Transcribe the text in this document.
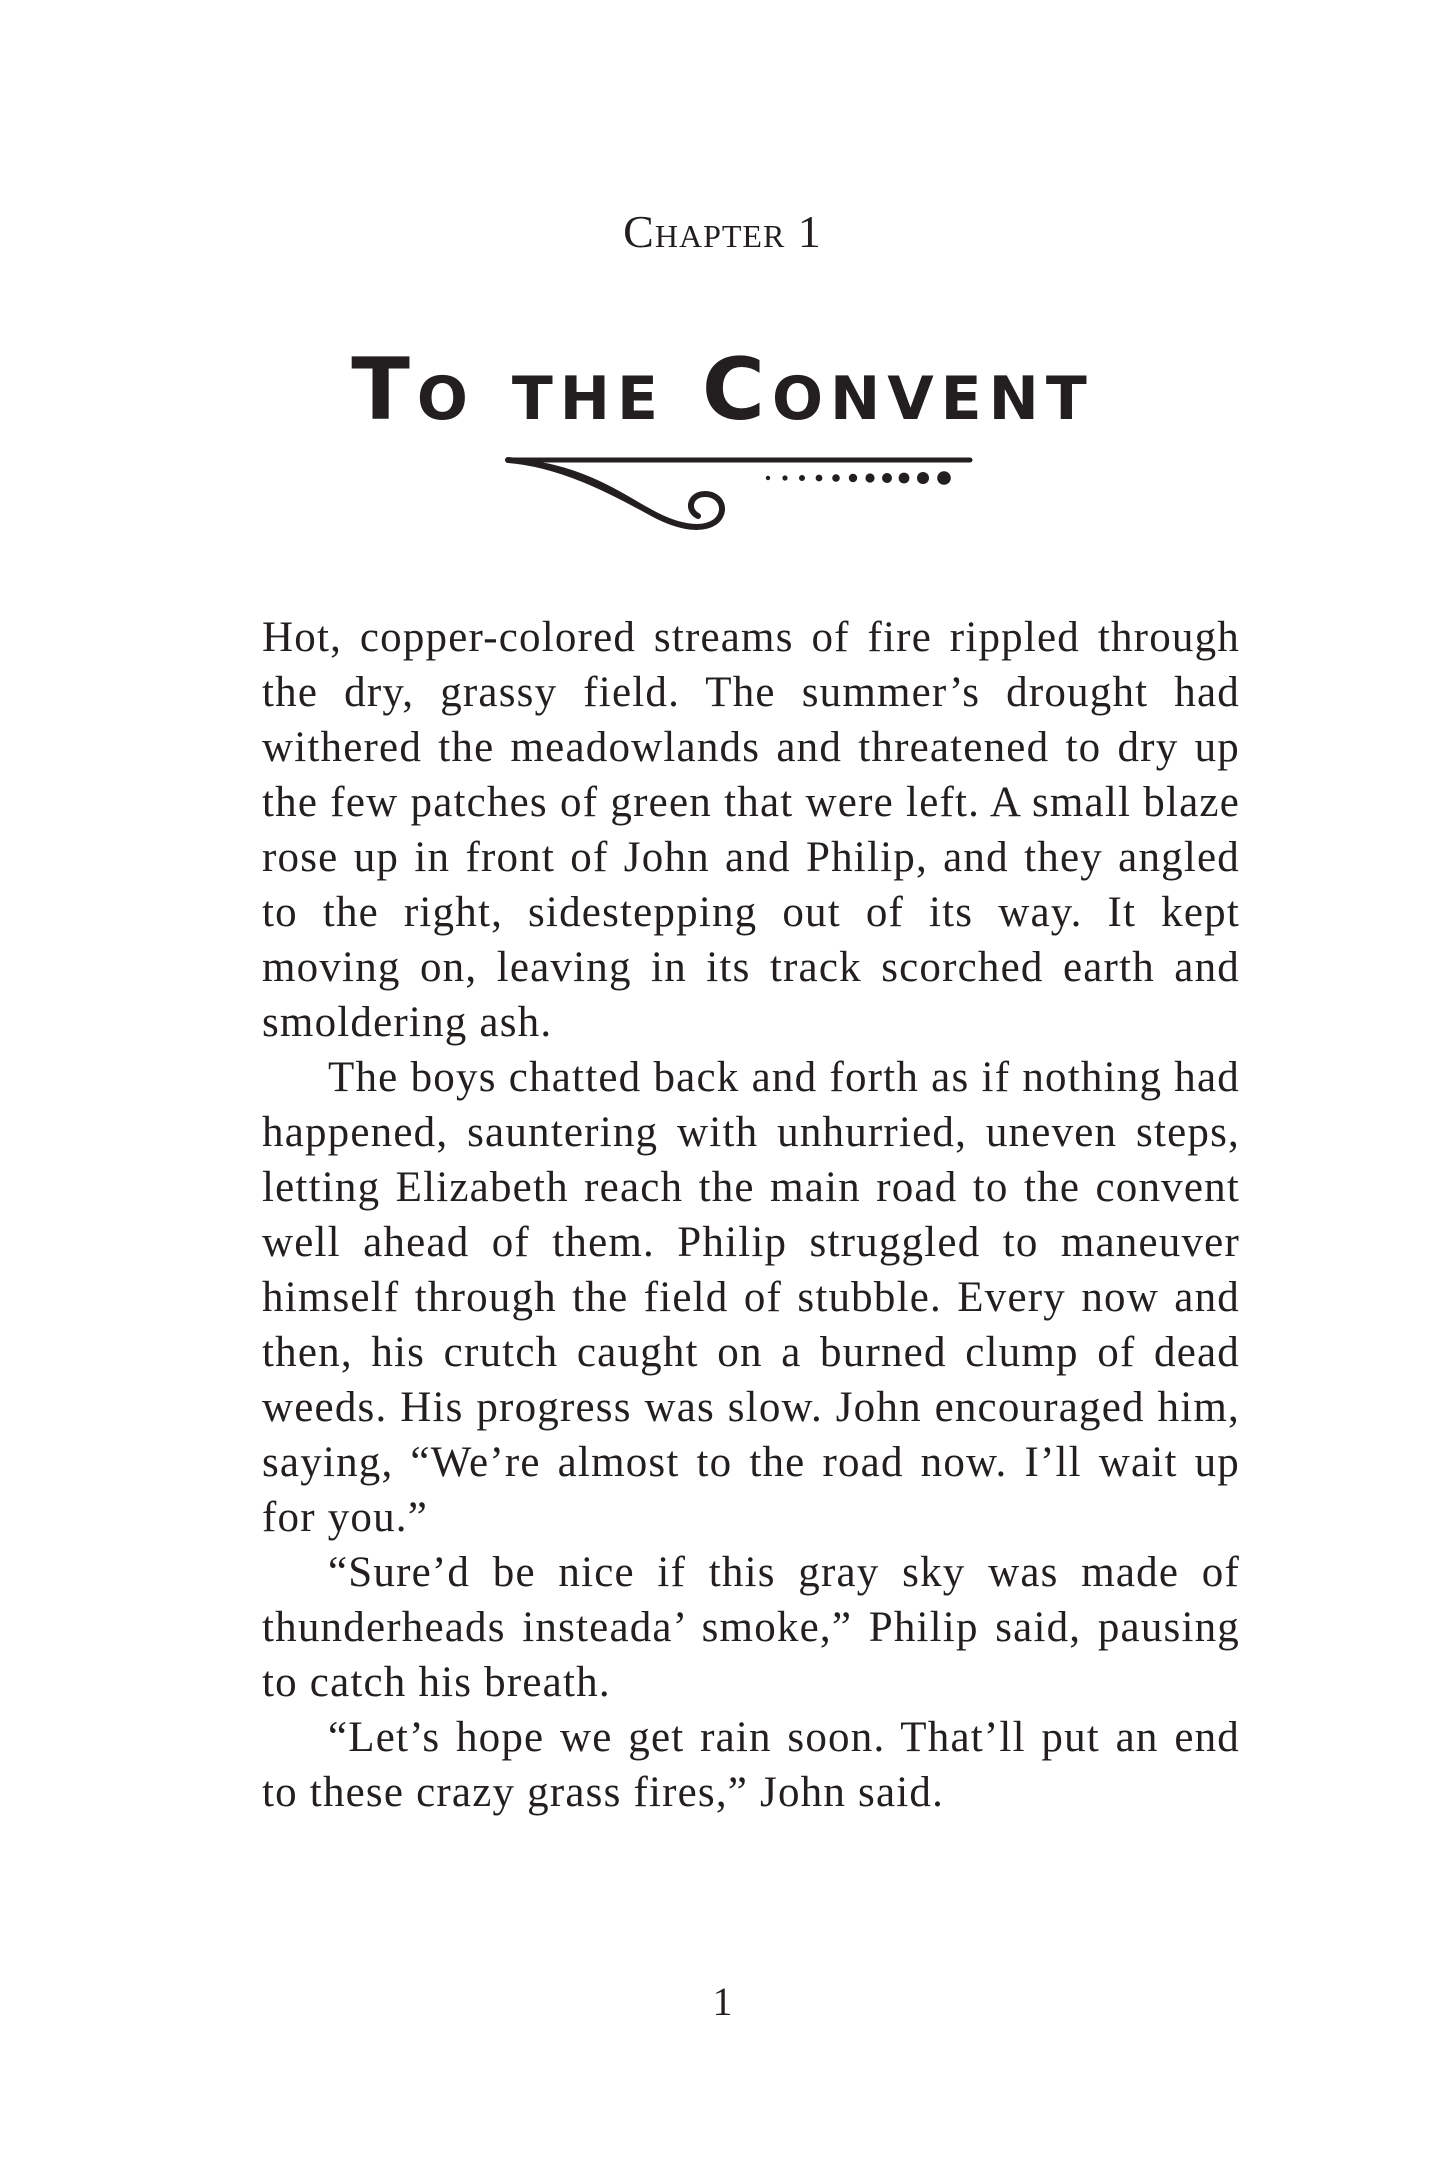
Chapter 1
To the Convent

Hot, copper-colored streams of fire rippled through the dry, grassy field. The summer’s drought had withered the meadowlands and threatened to dry up the few patches of green that were left. A small blaze rose up in front of John and Philip, and they angled to the right, sidestepping out of its way. It kept moving on, leaving in its track scorched earth and smoldering ash.

The boys chatted back and forth as if nothing had happened, sauntering with unhurried, uneven steps, letting Elizabeth reach the main road to the convent well ahead of them. Philip struggled to maneuver himself through the field of stubble. Every now and then, his crutch caught on a burned clump of dead weeds. His progress was slow. John encouraged him, saying, “We’re almost to the road now. I’ll wait up for you.”

“Sure’d be nice if this gray sky was made of thunderheads insteada’ smoke,” Philip said, pausing to catch his breath.

“Let’s hope we get rain soon. That’ll put an end to these crazy grass fires,” John said.

1
